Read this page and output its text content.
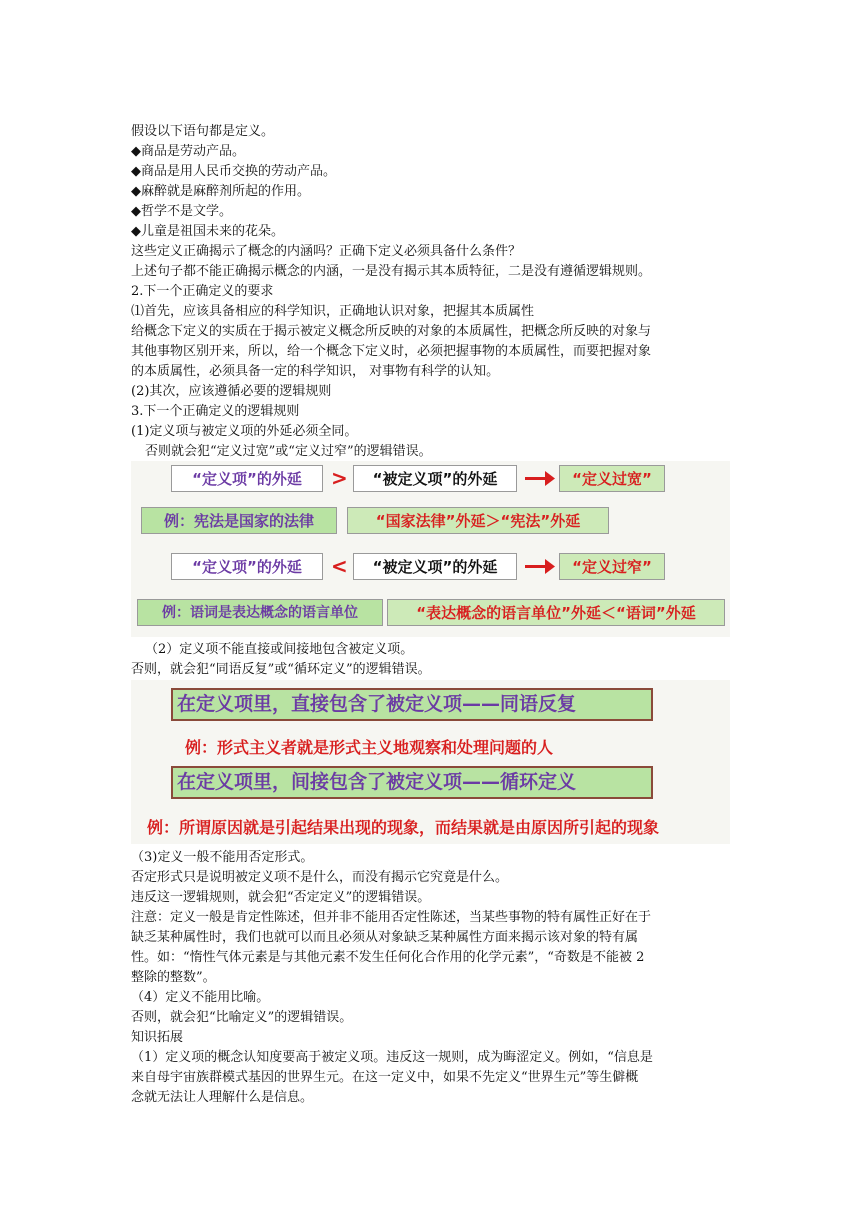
假设以下语句都是定义。
◆商品是劳动产品。
◆商品是用人民币交换的劳动产品。
◆麻醉就是麻醉剂所起的作用。
◆哲学不是文学。
◆儿童是祖国未来的花朵。
这些定义正确揭示了概念的内涵吗？正确下定义必须具备什么条件？
上述句子都不能正确揭示概念的内涵，一是没有揭示其本质特征，二是没有遵循逻辑规则。
2.下一个正确定义的要求
⑴首先，应该具备相应的科学知识，正确地认识对象，把握其本质属性
给概念下定义的实质在于揭示被定义概念所反映的对象的本质属性，把概念所反映的对象与
其他事物区别开来，所以，给一个概念下定义时，必须把握事物的本质属性，而要把握对象
的本质属性，必须具备一定的科学知识， 对事物有科学的认知。
(2)其次，应该遵循必要的逻辑规则
3.下一个正确定义的逻辑规则
(1)定义项与被定义项的外延必须全同。
否则就会犯“定义过宽”或“定义过窄”的逻辑错误。
“定义项”的外延	>	“被定义项”的外延	“定义过宽”
例：宪法是国家的法律	“国家法律”外延＞“宪法”外延
“定义项”的外延	<	“被定义项”的外延	“定义过窄”
例：语词是表达概念的语言单位	“表达概念的语言单位”外延＜“语词”外延
（2）定义项不能直接或间接地包含被定义项。
否则，就会犯“同语反复”或“循环定义”的逻辑错误。
在定义项里，直接包含了被定义项——同语反复
例：形式主义者就是形式主义地观察和处理问题的人
在定义项里，间接包含了被定义项——循环定义
例：所谓原因就是引起结果出现的现象，而结果就是由原因所引起的现象
（3)定义一般不能用否定形式。
否定形式只是说明被定义项不是什么，而没有揭示它究竟是什么。
违反这一逻辑规则，就会犯“否定定义”的逻辑错误。
注意：定义一般是肯定性陈述，但并非不能用否定性陈述，当某些事物的特有属性正好在于
缺乏某种属性时，我们也就可以而且必须从对象缺乏某种属性方面来揭示该对象的特有属
性。如：“惰性气体元素是与其他元素不发生任何化合作用的化学元素”，“奇数是不能被 2
整除的整数”。
（4）定义不能用比喻。
否则，就会犯“比喻定义”的逻辑错误。
知识拓展
（1）定义项的概念认知度要高于被定义项。违反这一规则，成为晦涩定义。例如，“信息是
来自母宇宙族群模式基因的世界生元。在这一定义中，如果不先定义“世界生元”等生僻概
念就无法让人理解什么是信息。
